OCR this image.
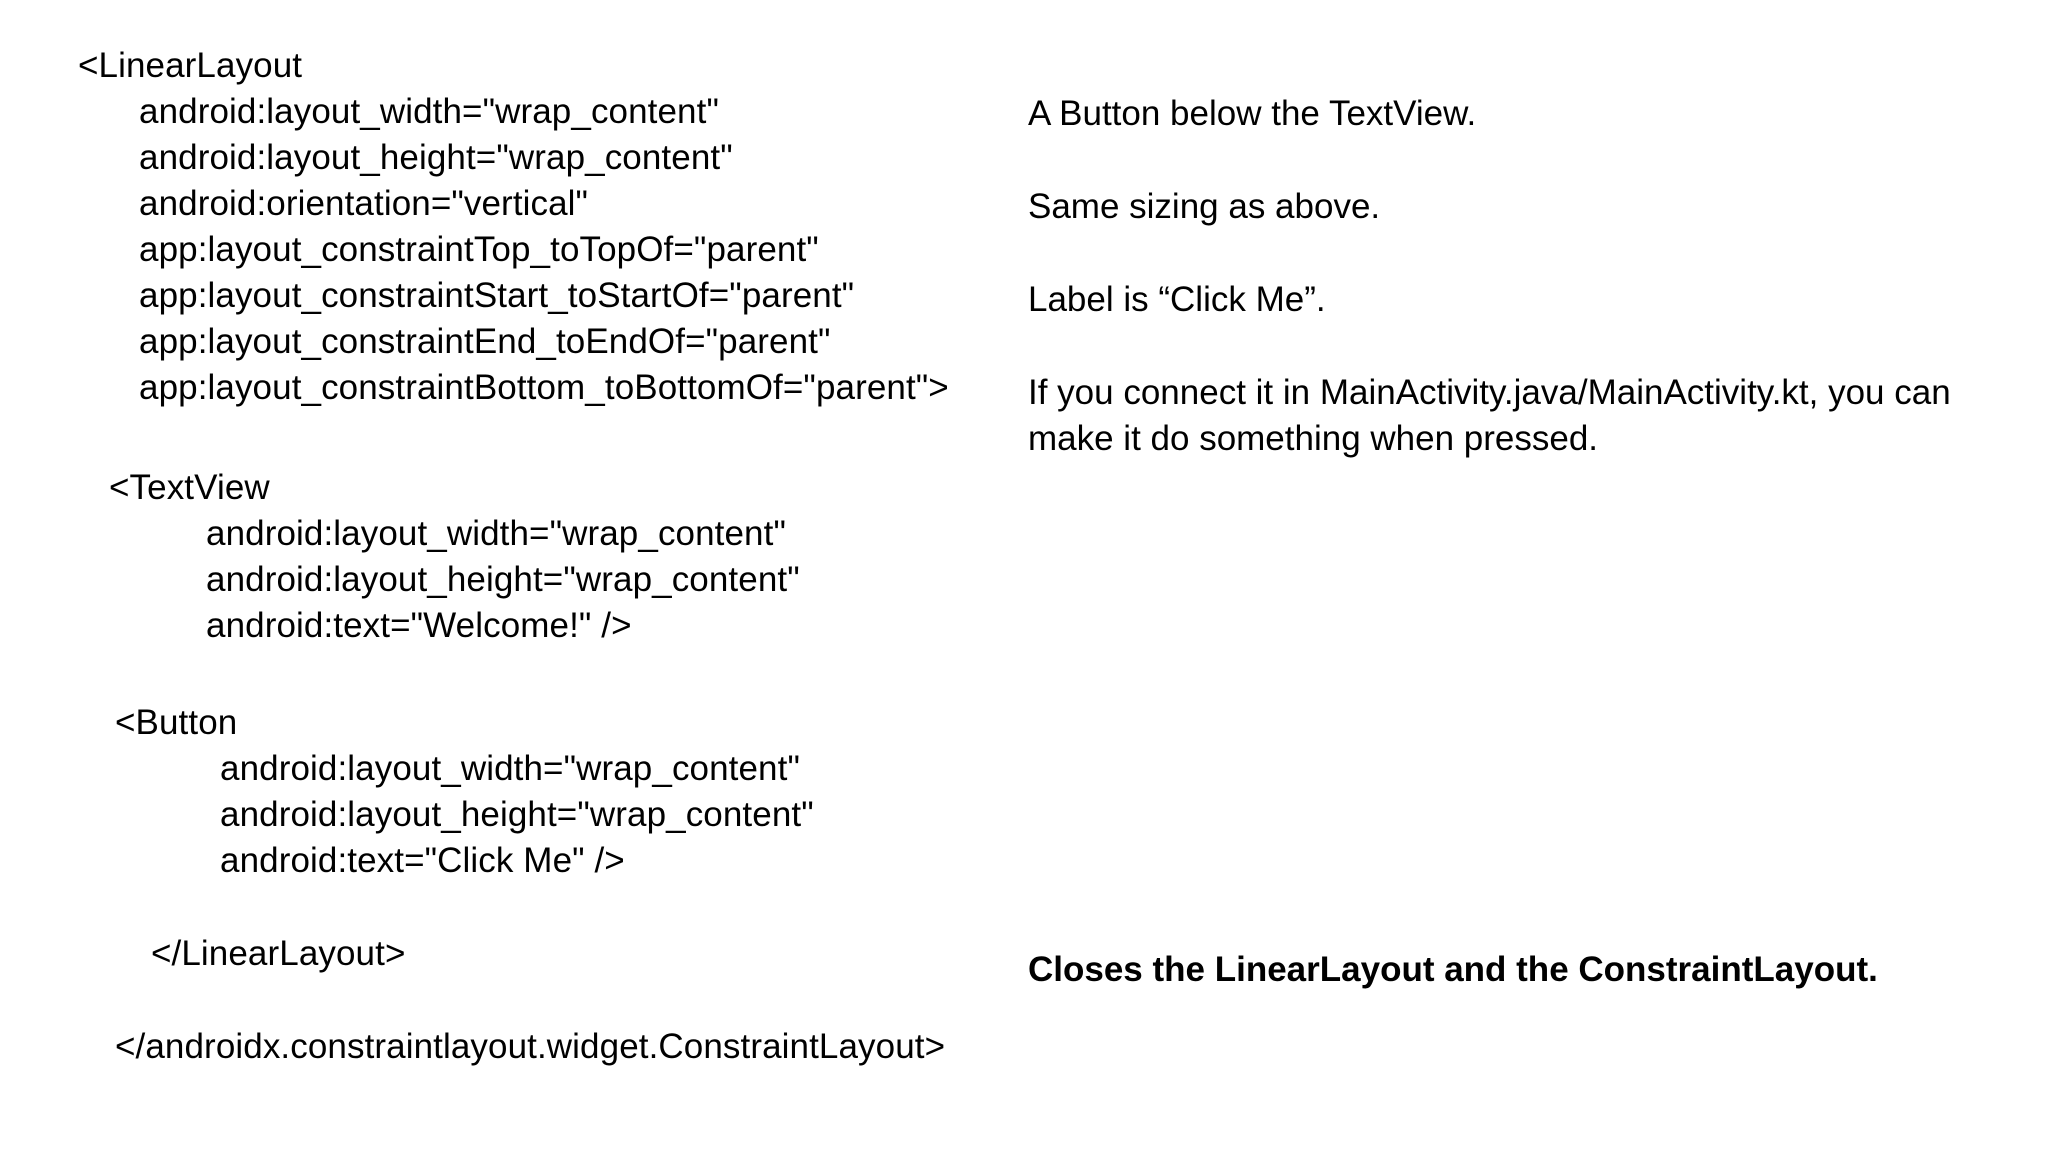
<LinearLayout
android:layout_width="wrap_content"
android:layout_height="wrap_content"
android:orientation="vertical"
app:layout_constraintTop_toTopOf="parent"
app:layout_constraintStart_toStartOf="parent"
app:layout_constraintEnd_toEndOf="parent"
app:layout_constraintBottom_toBottomOf="parent">
<TextView
android:layout_width="wrap_content"
android:layout_height="wrap_content"
android:text="Welcome!" />
<Button
android:layout_width="wrap_content"
android:layout_height="wrap_content"
android:text="Click Me" />
</LinearLayout>
</androidx.constraintlayout.widget.ConstraintLayout>
A Button below the TextView.
Same sizing as above.
Label is “Click Me”.
If you connect it in MainActivity.java/MainActivity.kt, you can make it do something when pressed.
Closes the LinearLayout and the ConstraintLayout.
